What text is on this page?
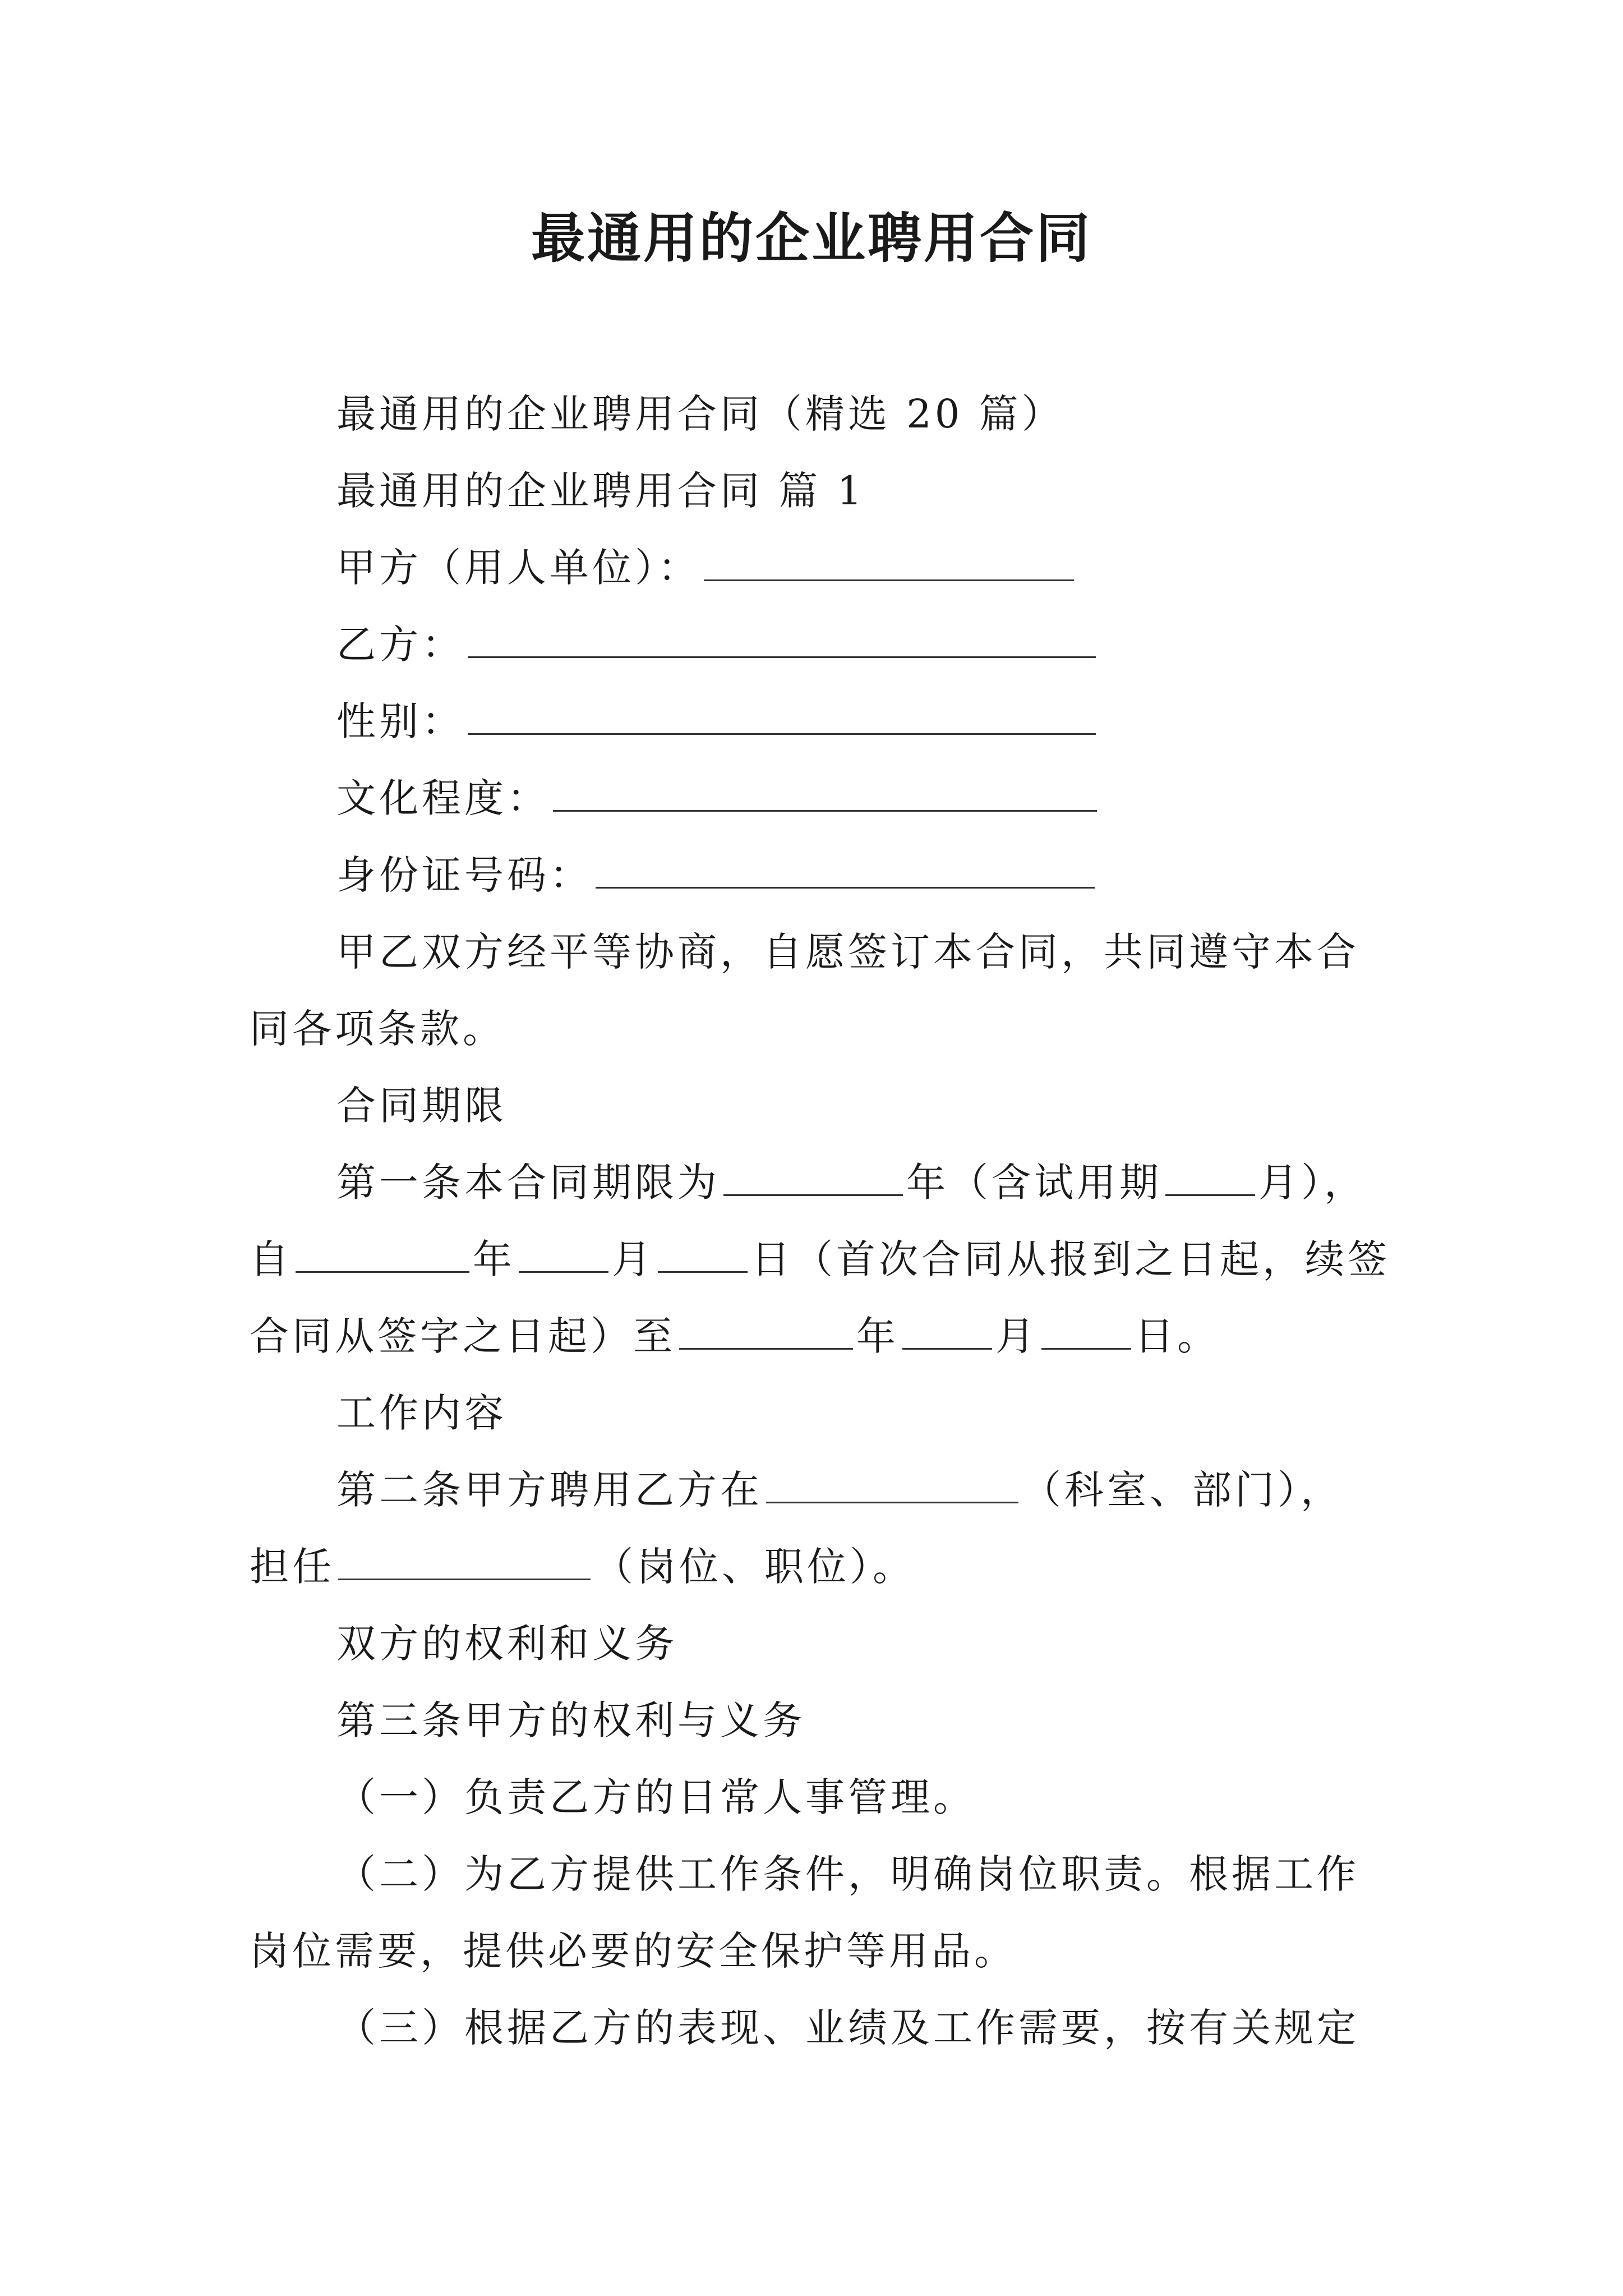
最通用的企业聘用合同
最通用的企业聘用合同（精选 20 篇）
最通用的企业聘用合同 篇 1
甲方（用人单位）：
乙方：
性别：
文化程度：
身份证号码：
甲乙双方经平等协商，自愿签订本合同，共同遵守本合
同各项条款。
合同期限
第一条本合同期限为	年（含试用期 月），
自	年 月 日（首次合同从报到之日起，续签
合同从签字之日起）至	年 月 日。
工作内容
第二条甲方聘用乙方在	（科室、部门），
担任	（岗位、职位）。
双方的权利和义务
第三条甲方的权利与义务
（一）负责乙方的日常人事管理。
（二）为乙方提供工作条件，明确岗位职责。根据工作
岗位需要，提供必要的安全保护等用品。
（三）根据乙方的表现、业绩及工作需要，按有关规定
